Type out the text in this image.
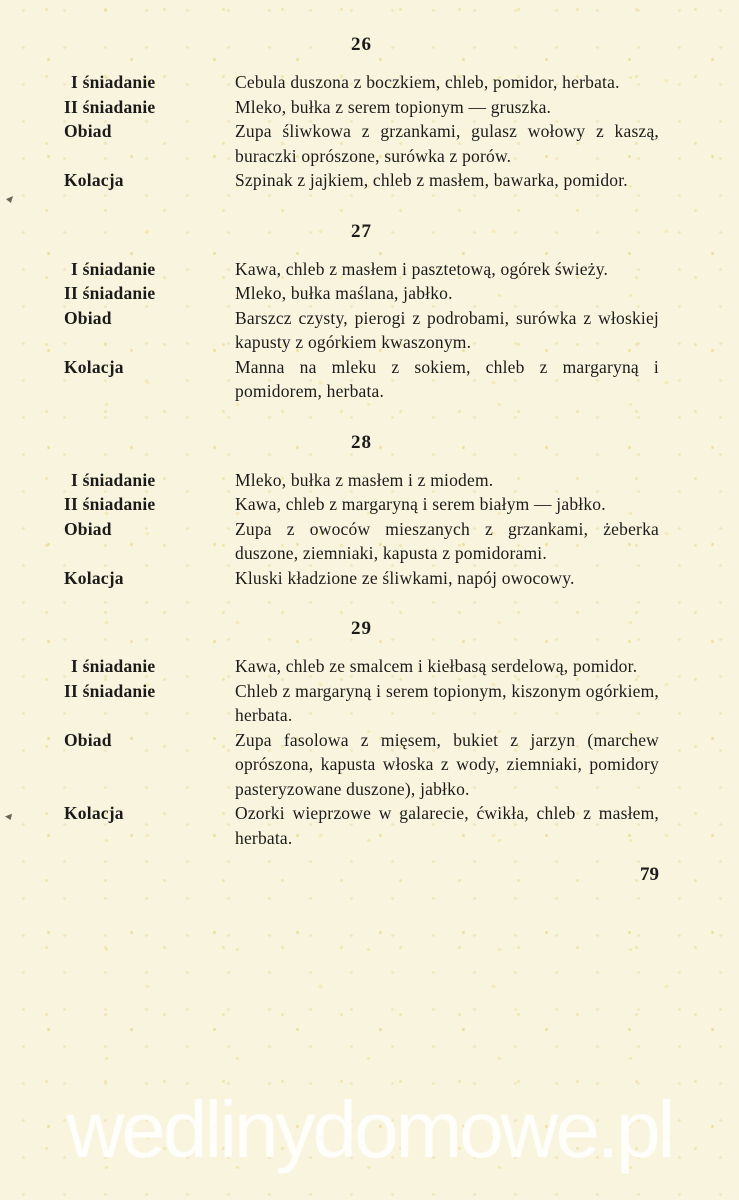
26
I śniadanie	Cebula duszona z boczkiem, chleb, pomidor, herbata.
II śniadanie	Mleko, bułka z serem topionym — gruszka.
Obiad	Zupa śliwkowa z grzankami, gulasz wołowy z kaszą, buraczki oprószone, surówka z porów.
Kolacja	Szpinak z jajkiem, chleb z masłem, bawarka, pomidor.
27
I śniadanie	Kawa, chleb z masłem i pasztetową, ogórek świeży.
II śniadanie	Mleko, bułka maślana, jabłko.
Obiad	Barszcz czysty, pierogi z podrobami, surówka z włoskiej kapusty z ogórkiem kwaszonym.
Kolacja	Manna na mleku z sokiem, chleb z margaryną i pomidorem, herbata.
28
I śniadanie	Mleko, bułka z masłem i z miodem.
II śniadanie	Kawa, chleb z margaryną i serem białym — jabłko.
Obiad	Zupa z owoców mieszanych z grzankami, żeberka duszone, ziemniaki, kapusta z pomidorami.
Kolacja	Kluski kładzione ze śliwkami, napój owocowy.
29
I śniadanie	Kawa, chleb ze smalcem i kiełbasą serdelową, pomidor.
II śniadanie	Chleb z margaryną i serem topionym, kiszonym ogórkiem, herbata.
Obiad	Zupa fasolowa z mięsem, bukiet z jarzyn (marchew oprószona, kapusta włoska z wody, ziemniaki, pomidory pasteryzowane duszone), jabłko.
Kolacja	Ozorki wieprzowe w galarecie, ćwikła, chleb z masłem, herbata.
79
wedlinydomowe.pl
